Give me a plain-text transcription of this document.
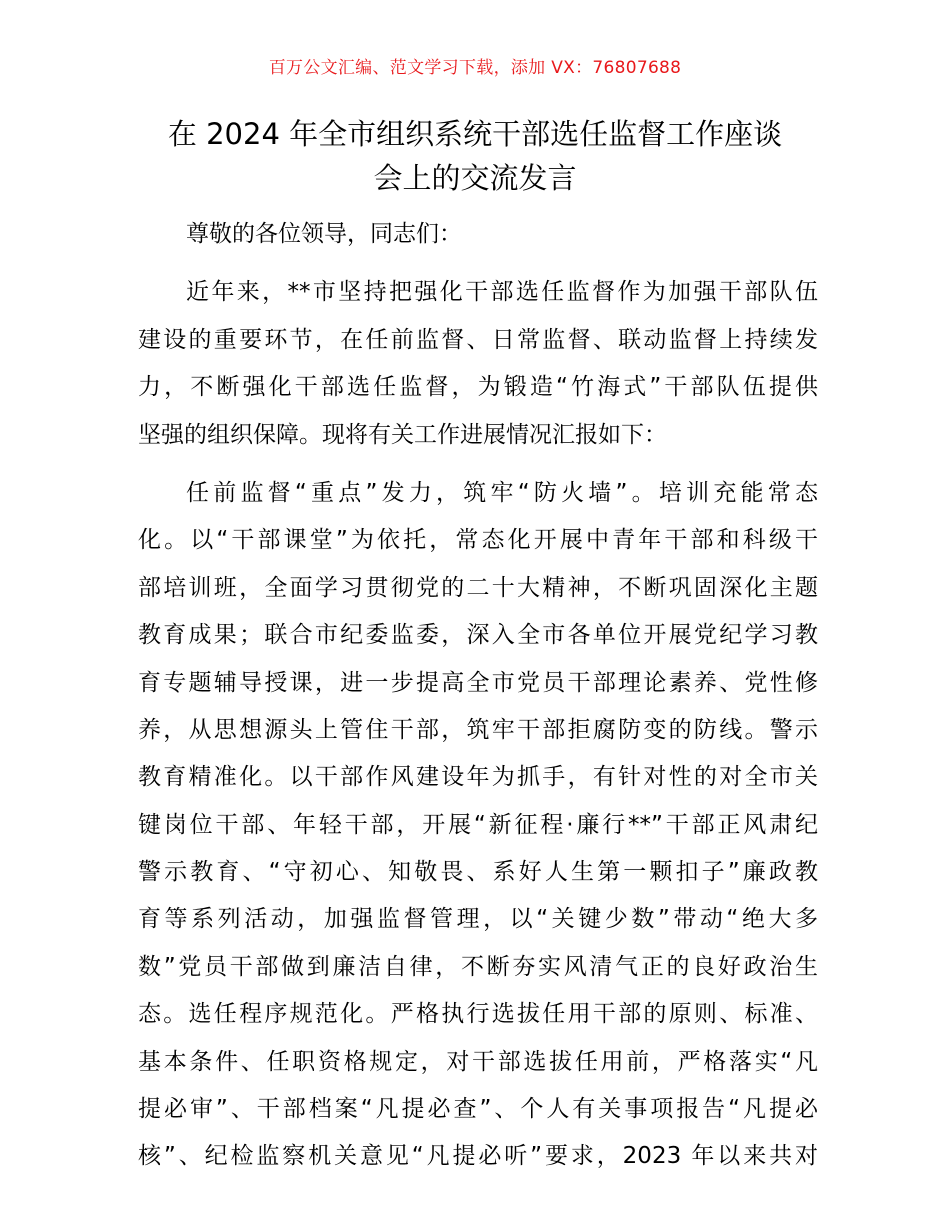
百万公文汇编、范文学习下载，添加 VX：76807688
在 2024 年全市组织系统干部选任监督工作座谈
会上的交流发言
尊敬的各位领导，同志们：
近年来，**市坚持把强化干部选任监督作为加强干部队伍
建设的重要环节，在任前监督、日常监督、联动监督上持续发
力，不断强化干部选任监督，为锻造“竹海式”干部队伍提供
坚强的组织保障。现将有关工作进展情况汇报如下：
任前监督“重点”发力，筑牢“防火墙”。培训充能常态
化。以“干部课堂”为依托，常态化开展中青年干部和科级干
部培训班，全面学习贯彻党的二十大精神，不断巩固深化主题
教育成果；联合市纪委监委，深入全市各单位开展党纪学习教
育专题辅导授课，进一步提高全市党员干部理论素养、党性修
养，从思想源头上管住干部，筑牢干部拒腐防变的防线。警示
教育精准化。以干部作风建设年为抓手，有针对性的对全市关
键岗位干部、年轻干部，开展“新征程·廉行**”干部正风肃纪
警示教育、“守初心、知敬畏、系好人生第一颗扣子”廉政教
育等系列活动，加强监督管理，以“关键少数”带动“绝大多
数”党员干部做到廉洁自律，不断夯实风清气正的良好政治生
态。选任程序规范化。严格执行选拔任用干部的原则、标准、
基本条件、任职资格规定，对干部选拔任用前，严格落实“凡
提必审”、干部档案“凡提必查”、个人有关事项报告“凡提必
核”、纪检监察机关意见“凡提必听”要求，2023 年以来共对
